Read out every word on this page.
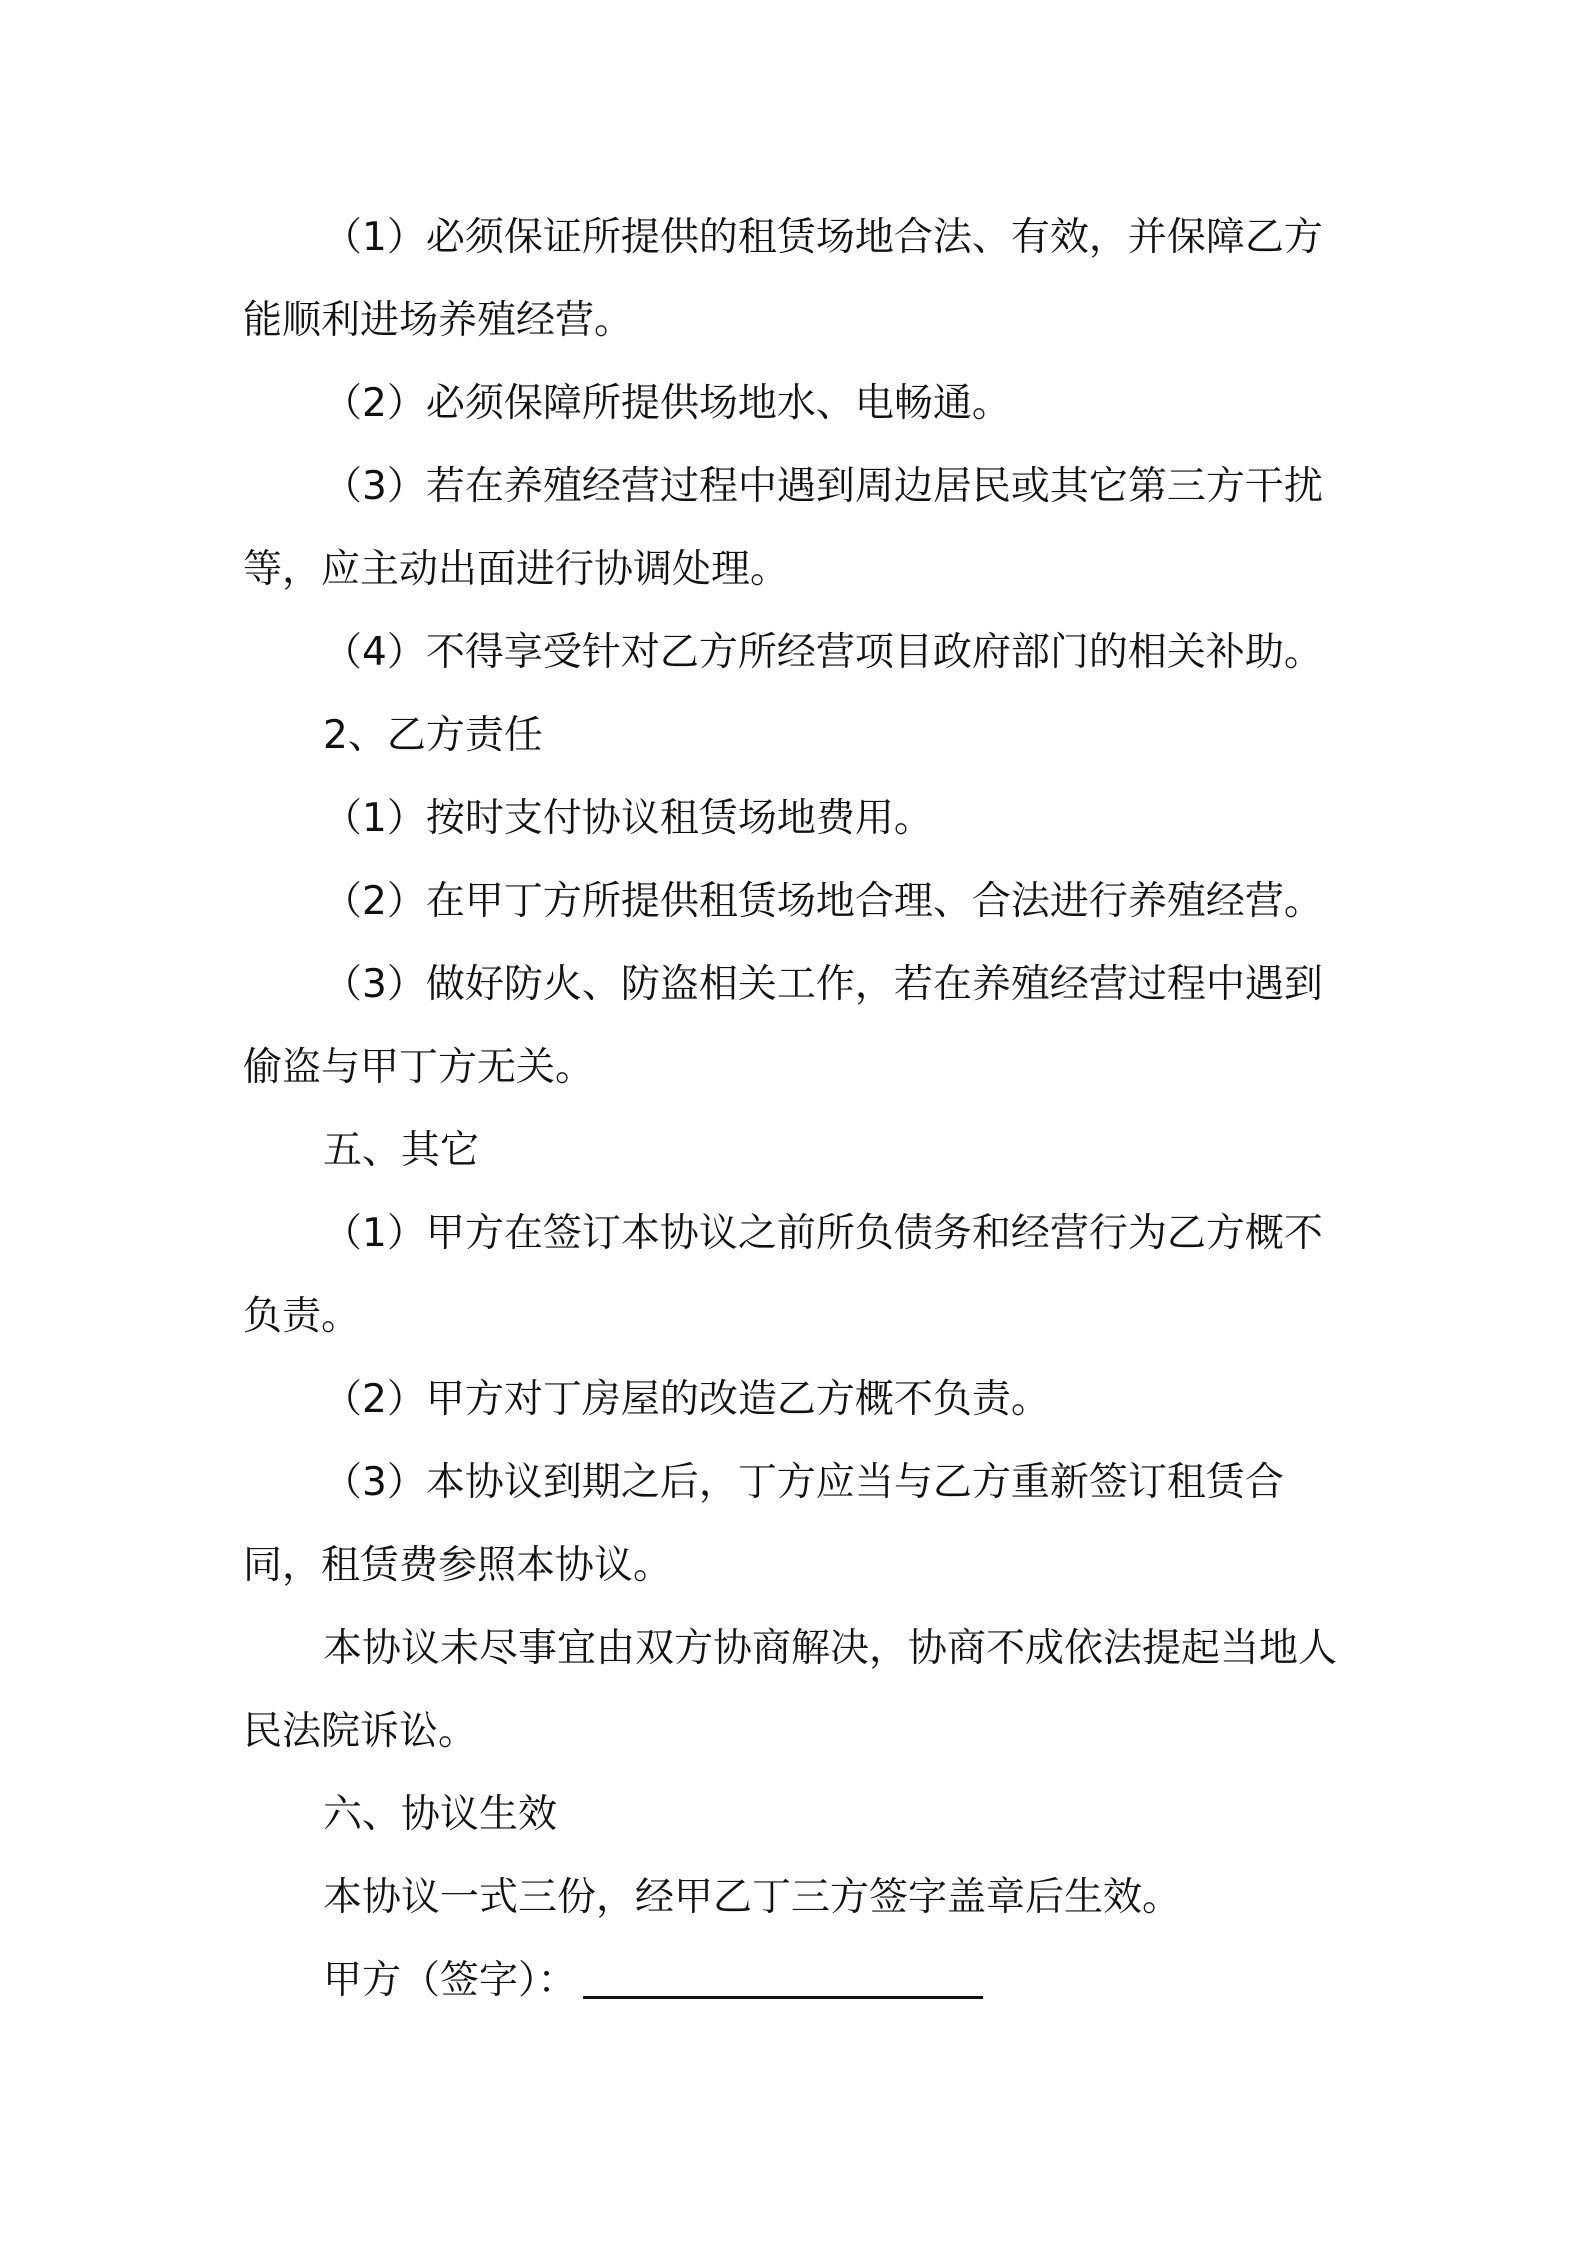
（1）必须保证所提供的租赁场地合法、有效，并保障乙方能顺利进场养殖经营。

（2）必须保障所提供场地水、电畅通。

（3）若在养殖经营过程中遇到周边居民或其它第三方干扰等，应主动出面进行协调处理。

（4）不得享受针对乙方所经营项目政府部门的相关补助。

2、乙方责任

（1）按时支付协议租赁场地费用。

（2）在甲丁方所提供租赁场地合理、合法进行养殖经营。

（3）做好防火、防盗相关工作，若在养殖经营过程中遇到偷盗与甲丁方无关。

五、其它

（1）甲方在签订本协议之前所负债务和经营行为乙方概不负责。

（2）甲方对丁房屋的改造乙方概不负责。

（3）本协议到期之后，丁方应当与乙方重新签订租赁合同，租赁费参照本协议。

本协议未尽事宜由双方协商解决，协商不成依法提起当地人民法院诉讼。

六、协议生效

本协议一式三份，经甲乙丁三方签字盖章后生效。

甲方（签字）：
